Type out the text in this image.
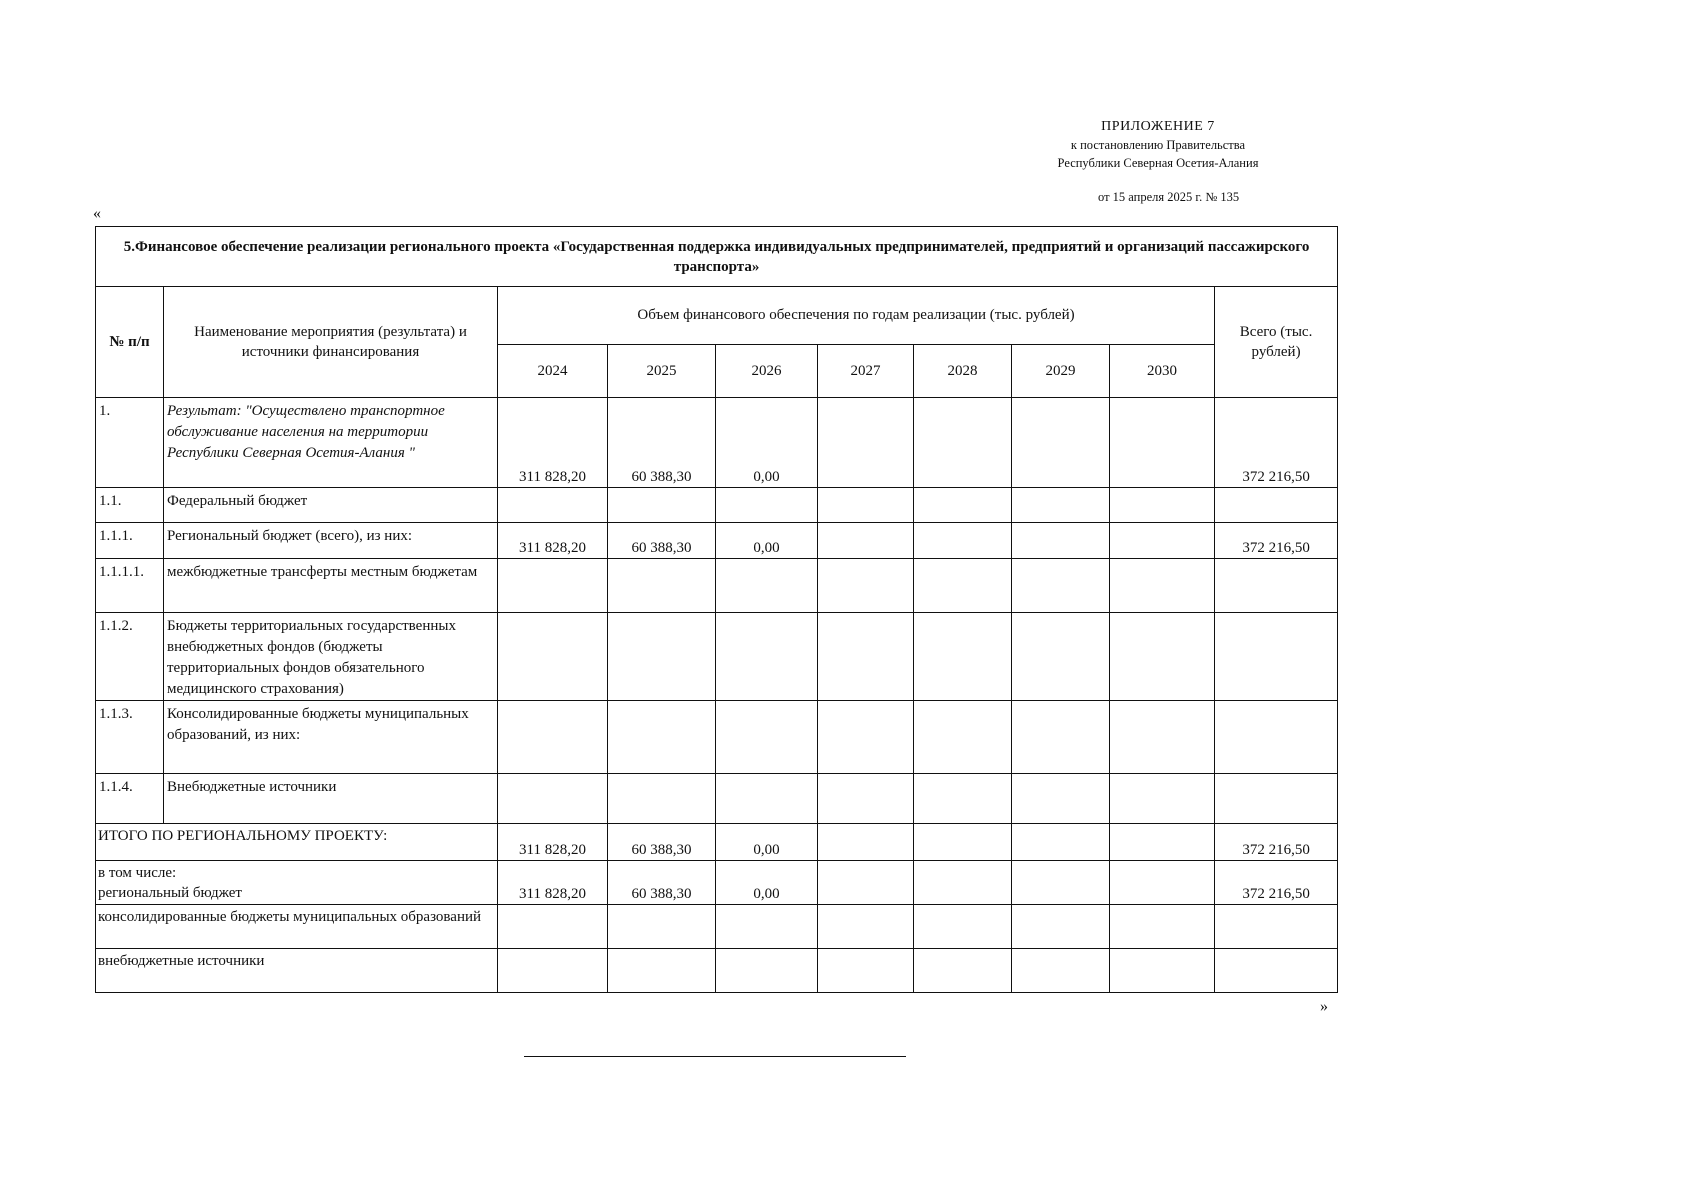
ПРИЛОЖЕНИЕ 7
к постановлению Правительства
Республики Северная Осетия-Алания
от 15 апреля 2025 г. № 135
«
5.Финансовое обеспечение реализации регионального проекта «Государственная поддержка индивидуальных предпринимателей, предприятий и организаций пассажирского транспорта»									
№ п/п	Наименование мероприятия (результата) и источники финансирования	Объем финансового обеспечения по годам реализации (тыс. рублей)							Всего (тыс. рублей)
		2024	2025	2026	2027	2028	2029	2030	
1.	Результат: "Осуществлено транспортное обслуживание населения на территории Республики Северная Осетия-Алания "	311 828,20	60 388,30	0,00					372 216,50
1.1.	Федеральный бюджет								
1.1.1.	Региональный бюджет (всего), из них:	311 828,20	60 388,30	0,00					372 216,50
1.1.1.1.	межбюджетные трансферты местным бюджетам								
1.1.2.	Бюджеты территориальных государственных внебюджетных фондов (бюджеты территориальных фондов обязательного медицинского страхования)								
1.1.3.	Консолидированные бюджеты муниципальных образований, из них:								
1.1.4.	Внебюджетные источники								
ИТОГО ПО РЕГИОНАЛЬНОМУ ПРОЕКТУ:		311 828,20	60 388,30	0,00					372 216,50

в том числе:
региональный бюджет		311 828,20	60 388,30	0,00					372 216,50
консолидированные бюджеты муниципальных образований									
внебюджетные источники									
»
